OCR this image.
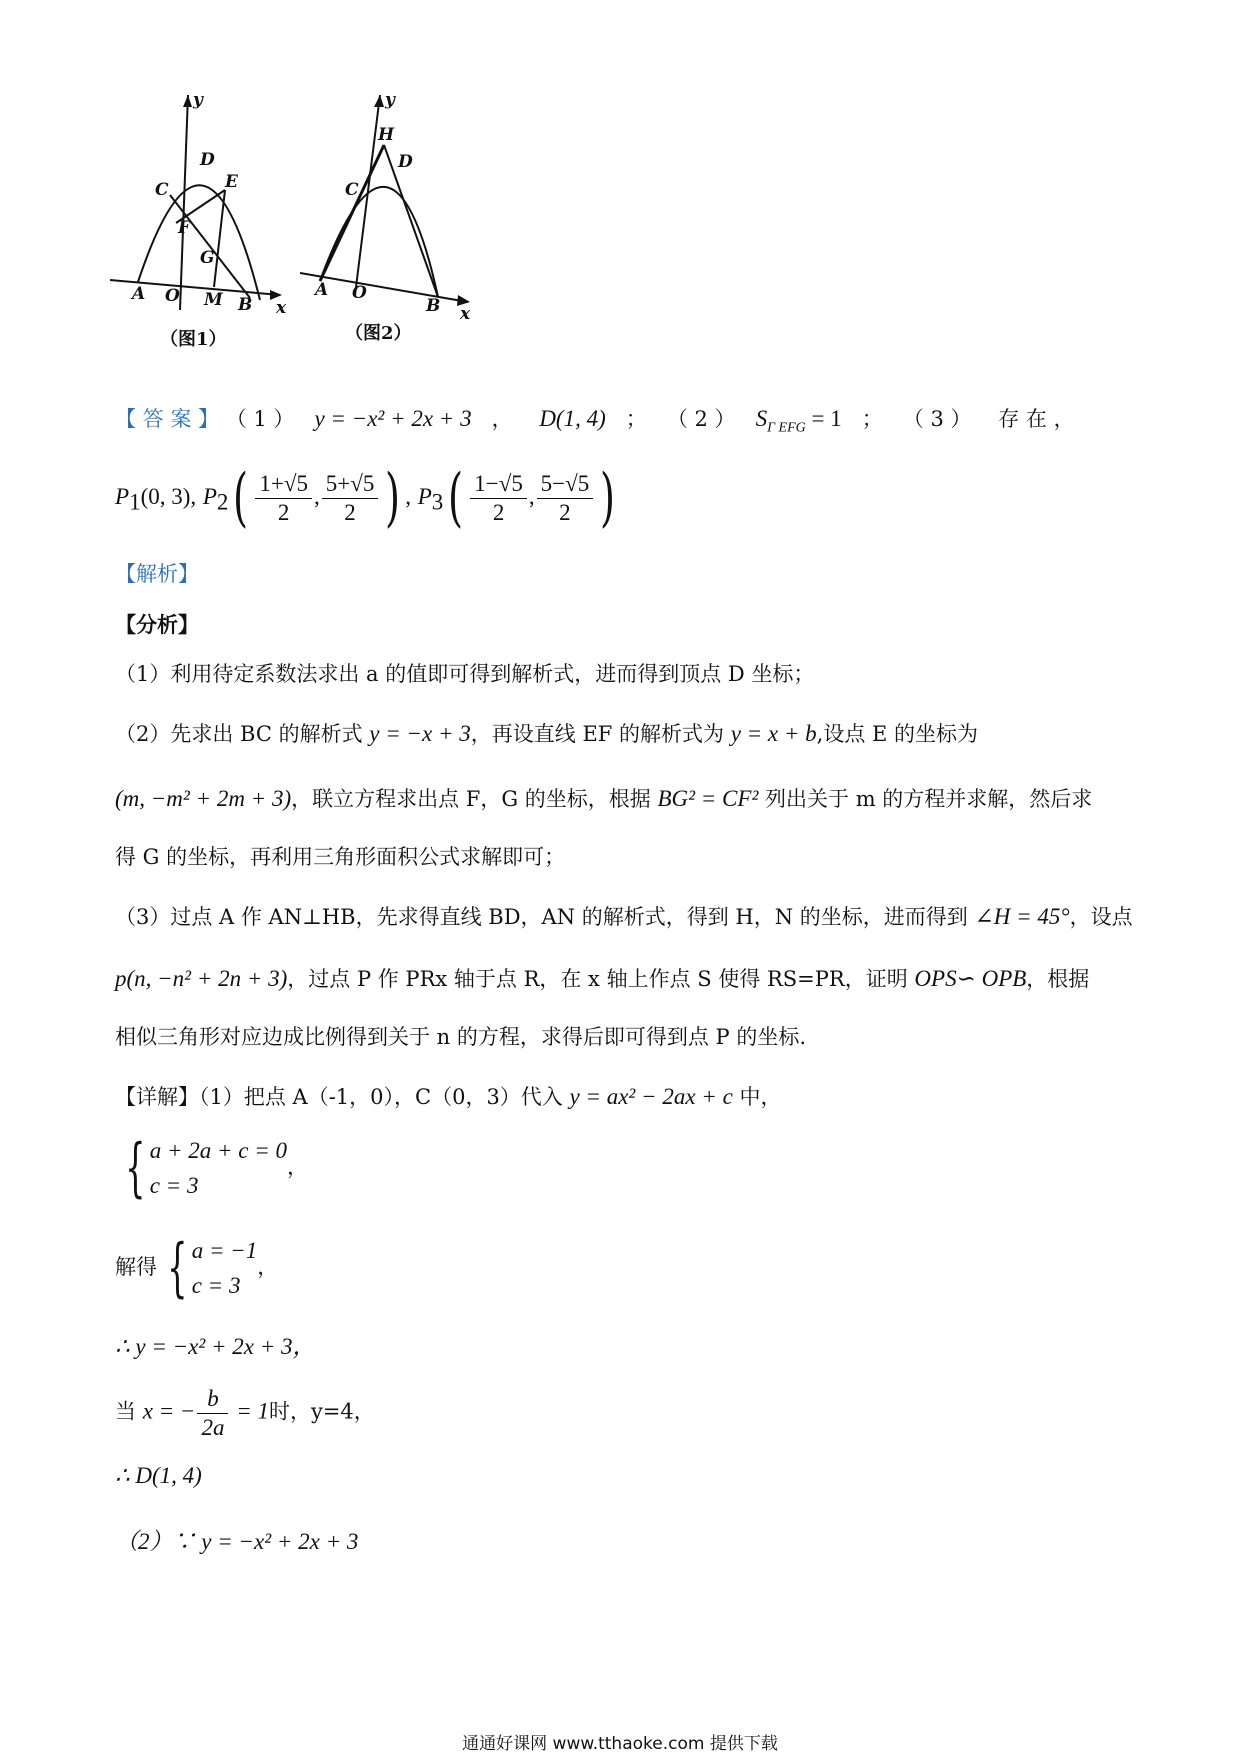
y
x
C
D
E
F
G
A O M B
（图1）
y
x
H
D
C
A O
B
（图2）
【 答 案 】 （ 1 ） y = −x² + 2x + 3 ， D(1, 4) ； （ 2 ） $S_{\Gamma EFG} = 1$ ； （ 3 ） 存 在 ，
$P_1(0$, 3), $P_2( \frac{1+√5}{2}$ , $\frac{5+√5}{2}$ ) , $P_3( \frac{1-√5}{2}$ , $\frac{5-√5}{2}$ )
【解析】
【分析】
（1）利用待定系数法求出 a 的值即可得到解析式，进而得到顶点 D 坐标；
（2）先求出 BC 的解析式 y = −x + 3，再设直线 EF 的解析式为 y = x + b,设点 E 的坐标为
(m, −m² + 2m + 3)，联立方程求出点 F，G 的坐标，根据 BG² = CF² 列出关于 m 的方程并求解，然后求
得 G 的坐标，再利用三角形面积公式求解即可；
（3）过点 A 作 AN⊥HB，先求得直线 BD，AN 的解析式，得到 H，N 的坐标，进而得到 ∠H = 45°，设点
p(n, −n² + 2n + 3)，过点 P 作 PRx 轴于点 R，在 x 轴上作点 S 使得 RS=PR，证明 OPS∽ OPB，根据
相似三角形对应边成比例得到关于 n 的方程，求得后即可得到点 P 的坐标.
【详解】（1）把点 A（-1，0），C（0，3）代入 y = ax² − 2ax + c 中，
{ a + 2a + c = 0
c = 3
，
解得 { a = −1
c = 3
，
∴ y = −x² + 2x + 3，
当 x = − $\frac{b}{2a} = 1$时，y=4，
∴ D(1, 4)
（2）∵ y = −x² + 2x + 3
通通好课网 www.tthaoke.com 提供下载
